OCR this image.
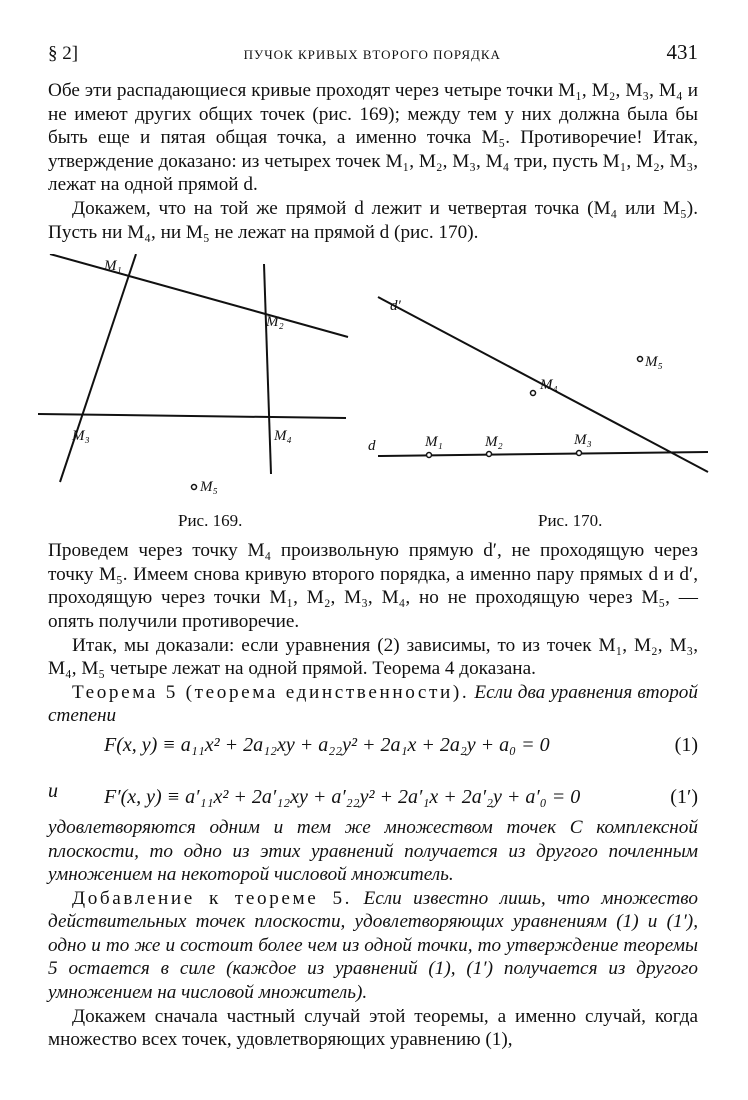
§ 2]	ПУЧОК КРИВЫХ ВТОРОГО ПОРЯДКА	431

Обе эти распадающиеся кривые проходят через четыре точки M₁, M₂, M₃, M₄ и не имеют других общих точек (рис. 169); между тем у них должна была бы быть еще и пятая общая точка, а именно точка M₅. Противоречие! Итак, утверждение доказано: из четырех точек M₁, M₂, M₃, M₄ три, пусть M₁, M₂, M₃, лежат на одной прямой d.

Докажем, что на той же прямой d лежит и четвертая точка (M₄ или M₅). Пусть ни M₄, ни M₅ не лежат на прямой d (рис. 170).

M₁
M₂
M₃	M₄
M₅
d′
M₅
M₄
d	M₁	M₂	M₃
Рис. 169.	Рис. 170.

Проведем через точку M₄ произвольную прямую d′, не проходящую через точку M₅. Имеем снова кривую второго порядка, а именно пару прямых d и d′, проходящую через точки M₁, M₂, M₃, M₄, но не проходящую через M₅, — опять получили противоречие.

Итак, мы доказали: если уравнения (2) зависимы, то из точек M₁, M₂, M₃, M₄, M₅ четыре лежат на одной прямой. Теорема 4 доказана.

Теорема 5 (теорема единственности). Если два уравнения второй степени

F(x, y) ≡ a₁₁x² + 2a₁₂xy + a₂₂y² + 2a₁x + 2a₂y + a₀ = 0	(1)
и F′(x, y) ≡ a′₁₁x² + 2a′₁₂xy + a′₂₂y² + 2a′₁x + 2a′₂y + a′₀ = 0	(1′)

удовлетворяются одним и тем же множеством точек C комплексной плоскости, то одно из этих уравнений получается из другого почленным умножением на некоторой числовой множитель.

Добавление к теореме 5. Если известно лишь, что множество действительных точек плоскости, удовлетворяющих уравнениям (1) и (1′), одно и то же и состоит более чем из одной точки, то утверждение теоремы 5 остается в силе (каждое из уравнений (1), (1′) получается из другого умножением на числовой множитель).

Докажем сначала частный случай этой теоремы, а именно случай, когда множество всех точек, удовлетворяющих уравнению (1),
